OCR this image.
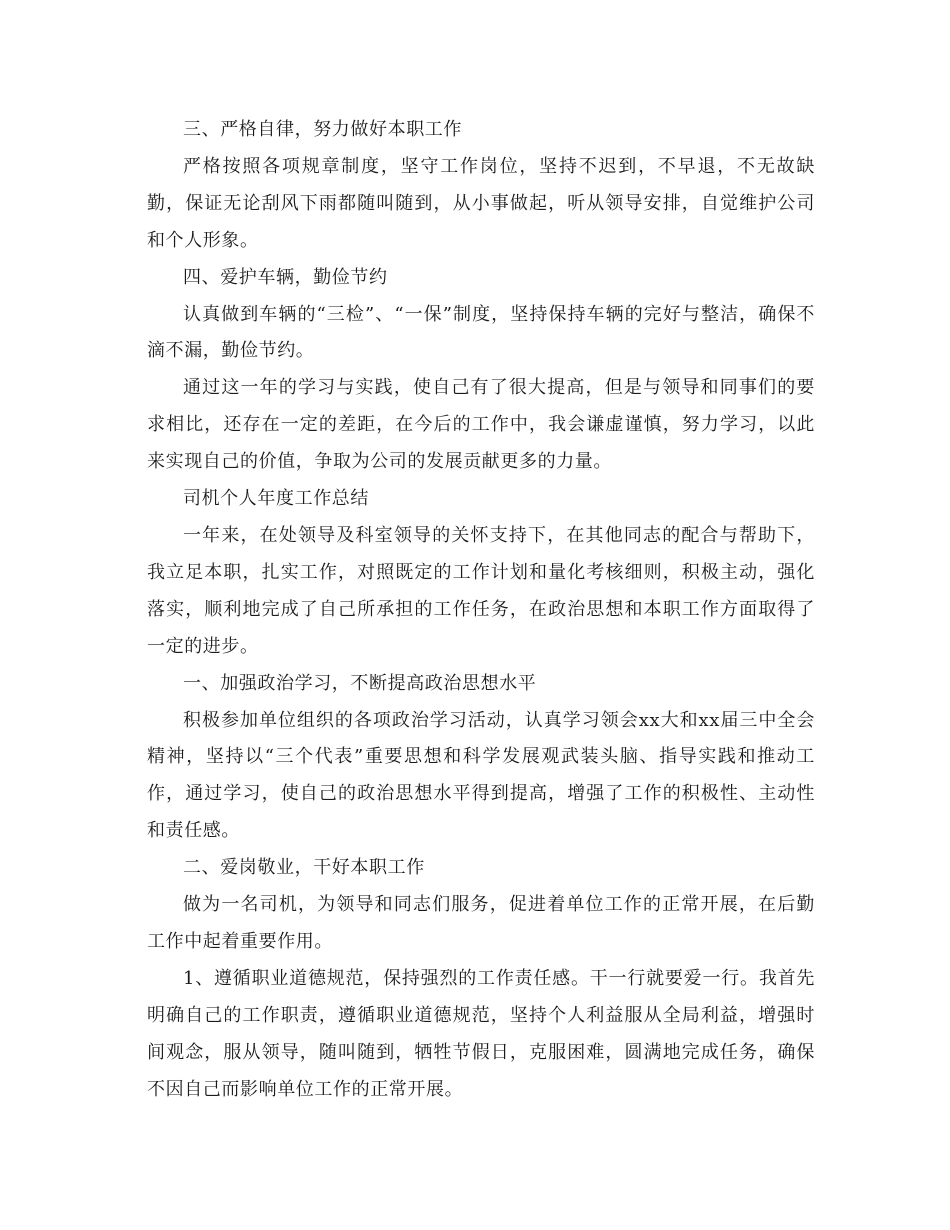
三、严格自律，努力做好本职工作

严格按照各项规章制度，坚守工作岗位，坚持不迟到，不早退，不无故缺勤，保证无论刮风下雨都随叫随到，从小事做起，听从领导安排，自觉维护公司和个人形象。

四、爱护车辆，勤俭节约

认真做到车辆的“三检”、“一保”制度，坚持保持车辆的完好与整洁，确保不滴不漏，勤俭节约。

通过这一年的学习与实践，使自己有了很大提高，但是与领导和同事们的要求相比，还存在一定的差距，在今后的工作中，我会谦虚谨慎，努力学习，以此来实现自己的价值，争取为公司的发展贡献更多的力量。

司机个人年度工作总结

一年来，在处领导及科室领导的关怀支持下，在其他同志的配合与帮助下，我立足本职，扎实工作，对照既定的工作计划和量化考核细则，积极主动，强化落实，顺利地完成了自己所承担的工作任务，在政治思想和本职工作方面取得了一定的进步。

一、加强政治学习，不断提高政治思想水平

积极参加单位组织的各项政治学习活动，认真学习领会xx大和xx届三中全会精神，坚持以“三个代表”重要思想和科学发展观武装头脑、指导实践和推动工作，通过学习，使自己的政治思想水平得到提高，增强了工作的积极性、主动性和责任感。

二、爱岗敬业，干好本职工作

做为一名司机，为领导和同志们服务，促进着单位工作的正常开展，在后勤工作中起着重要作用。

1、遵循职业道德规范，保持强烈的工作责任感。干一行就要爱一行。我首先明确自己的工作职责，遵循职业道德规范，坚持个人利益服从全局利益，增强时间观念，服从领导，随叫随到，牺牲节假日，克服困难，圆满地完成任务，确保不因自己而影响单位工作的正常开展。
